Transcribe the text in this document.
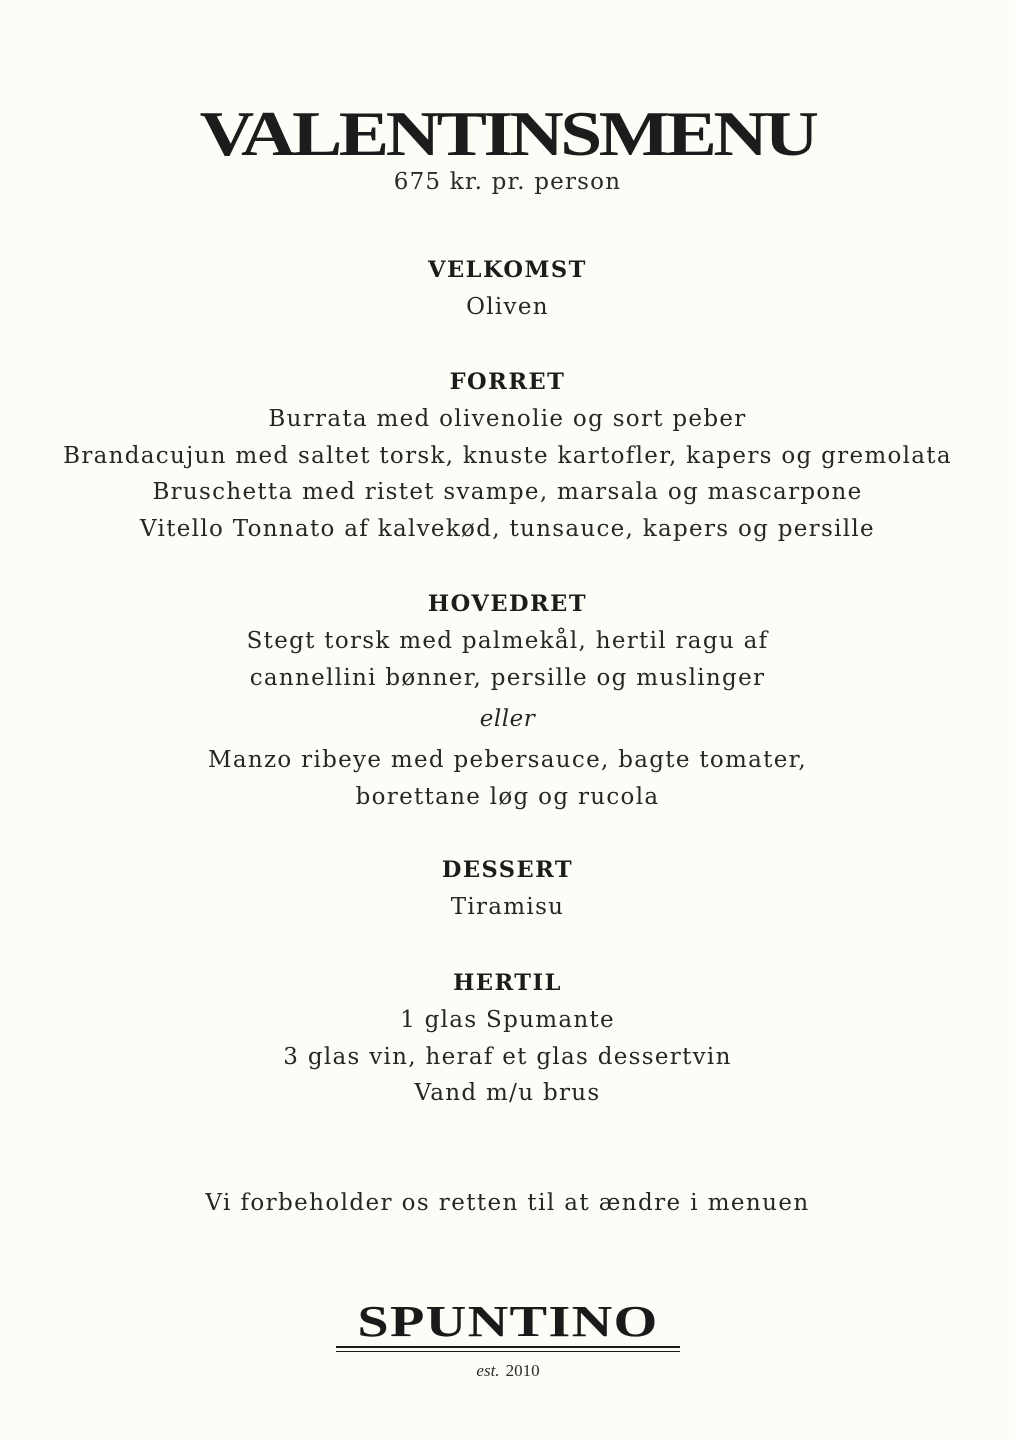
VALENTINSMENU
675 kr. pr. person
VELKOMST
Oliven
FORRET
Burrata med olivenolie og sort peber
Brandacujun med saltet torsk, knuste kartofler, kapers og gremolata
Bruschetta med ristet svampe, marsala og mascarpone
Vitello Tonnato af kalvekød, tunsauce, kapers og persille
HOVEDRET
Stegt torsk med palmekål, hertil ragu af
cannellini bønner, persille og muslinger
eller
Manzo ribeye med pebersauce, bagte tomater,
borettane løg og rucola
DESSERT
Tiramisu
HERTIL
1 glas Spumante
3 glas vin, heraf et glas dessertvin
Vand m/u brus
Vi forbeholder os retten til at ændre i menuen
SPUNTINO
est. 2010
